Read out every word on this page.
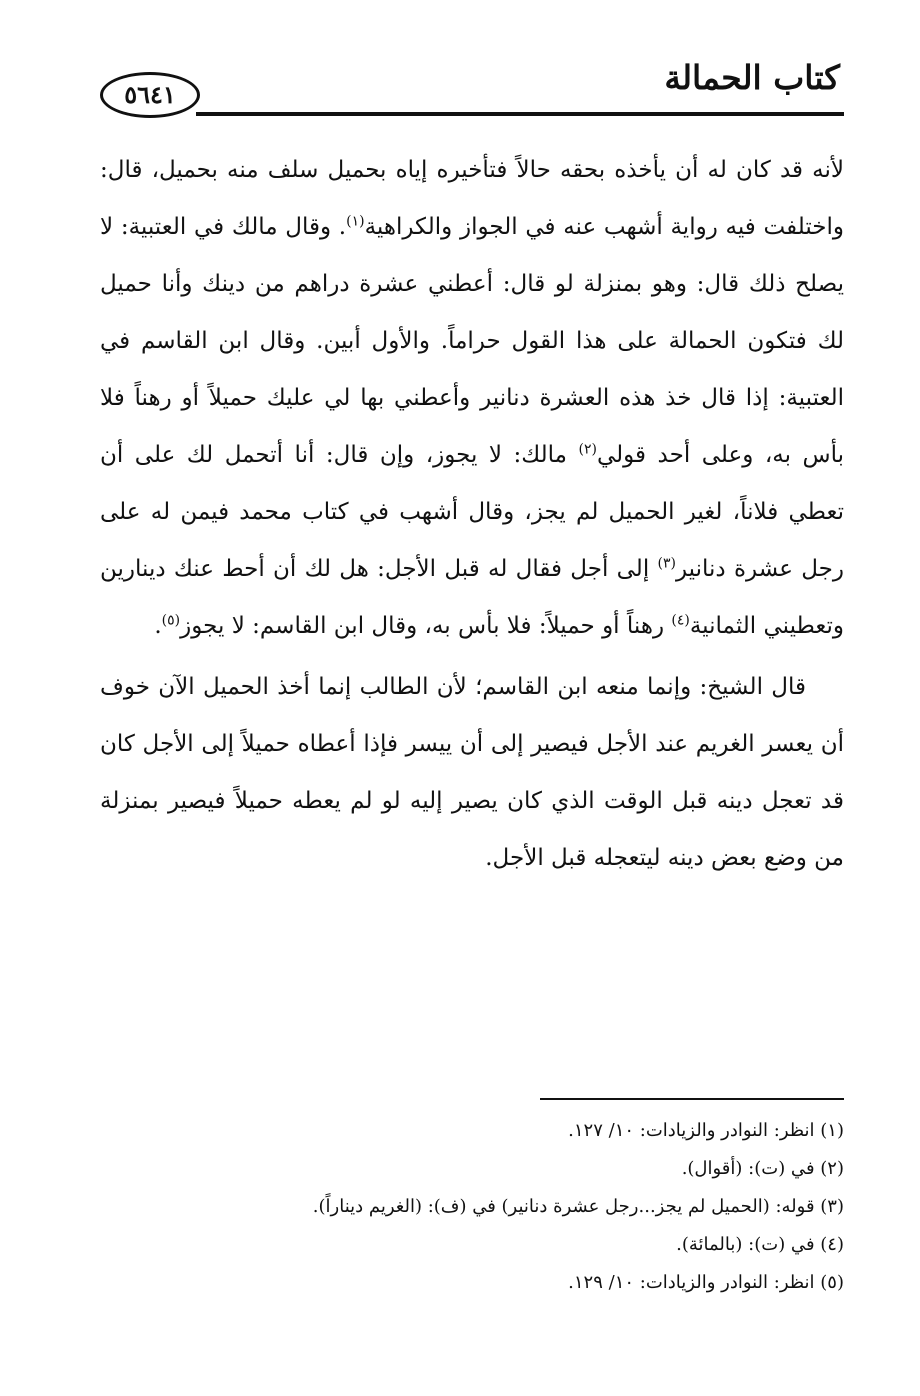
٥٦٤١	كتاب الحمالة

لأنه قد كان له أن يأخذه بحقه حالاً فتأخيره إياه بحميل سلف منه بحميل، قال: واختلفت فيه رواية أشهب عنه في الجواز والكراهية$^{(١)}$. وقال مالك في العتبية: لا يصلح ذلك قال: وهو بمنزلة لو قال: أعطني عشرة دراهم من دينك وأنا حميل لك فتكون الحمالة على هذا القول حراماً. والأول أبين. وقال ابن القاسم في العتبية: إذا قال خذ هذه العشرة دنانير وأعطني بها لي عليك حميلاً أو رهناً فلا بأس به، وعلى أحد قولي$^{(٢)}$ مالك: لا يجوز، وإن قال: أنا أتحمل لك على أن تعطي فلاناً، لغير الحميل لم يجز، وقال أشهب في كتاب محمد فيمن له على رجل عشرة دنانير$^{(٣)}$ إلى أجل فقال له قبل الأجل: هل لك أن أحط عنك دينارين وتعطيني الثمانية$^{(٤)}$ رهناً أو حميلاً: فلا بأس به، وقال ابن القاسم: لا يجوز$^{(٥)}$.

قال الشيخ: وإنما منعه ابن القاسم؛ لأن الطالب إنما أخذ الحميل الآن خوف أن يعسر الغريم عند الأجل فيصير إلى أن ييسر فإذا أعطاه حميلاً إلى الأجل كان قد تعجل دينه قبل الوقت الذي كان يصير إليه لو لم يعطه حميلاً فيصير بمنزلة من وضع بعض دينه ليتعجله قبل الأجل.

(١) انظر: النوادر والزيادات: ١٠/ ١٢٧.
(٢) في (ت): (أقوال).
(٣) قوله: (الحميل لم يجز...رجل عشرة دنانير) في (ف): (الغريم ديناراً).
(٤) في (ت): (بالمائة).
(٥) انظر: النوادر والزيادات: ١٠/ ١٢٩.
